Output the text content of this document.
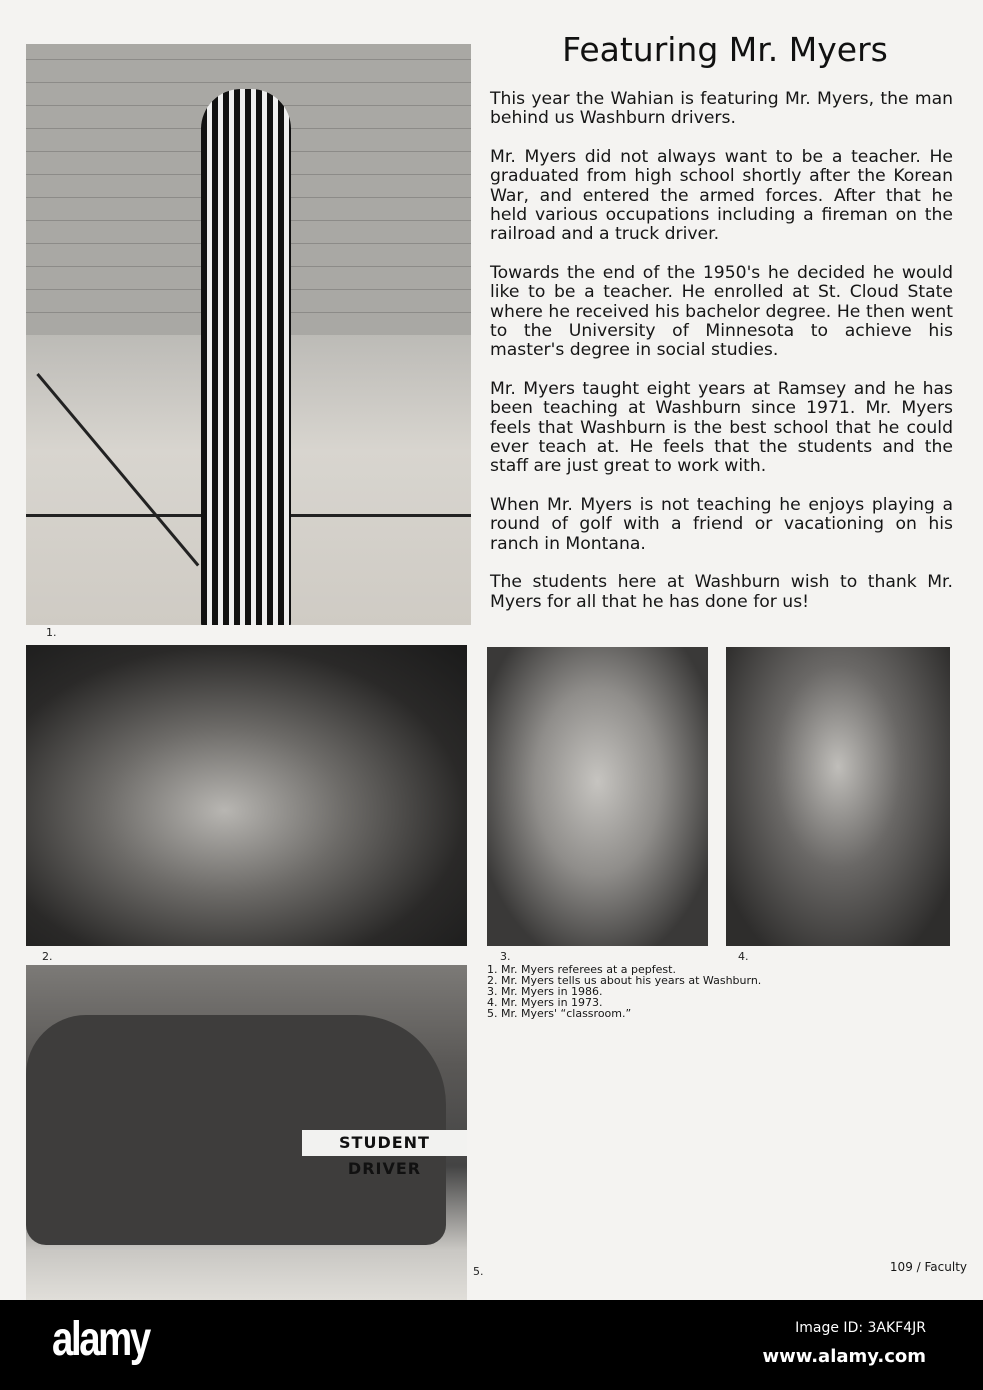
1.
Featuring Mr. Myers

This year the Wahian is featuring Mr. Myers, the man behind us Washburn drivers.

Mr. Myers did not always want to be a teacher. He graduated from high school shortly after the Korean War, and entered the armed forces. After that he held various occupations including a fireman on the railroad and a truck driver.

Towards the end of the 1950's he decided he would like to be a teacher. He enrolled at St. Cloud State where he received his bachelor degree. He then went to the University of Minnesota to achieve his master's degree in social studies.

Mr. Myers taught eight years at Ramsey and he has been teaching at Washburn since 1971. Mr. Myers feels that Washburn is the best school that he could ever teach at. He feels that the students and the staff are just great to work with.

When Mr. Myers is not teaching he enjoys playing a round of golf with a friend or vacationing on his ranch in Montana.

The students here at Washburn wish to thank Mr. Myers for all that he has done for us!

2.	3.	4.
1. Mr. Myers referees at a pepfest.
2. Mr. Myers tells us about his years at Washburn.
3. Mr. Myers in 1986.
4. Mr. Myers in 1973.
5. Mr. Myers' “classroom.”
STUDENT DRIVER
5.	109 / Faculty
alamy	Image ID: 3AKF4JR
www.alamy.com
